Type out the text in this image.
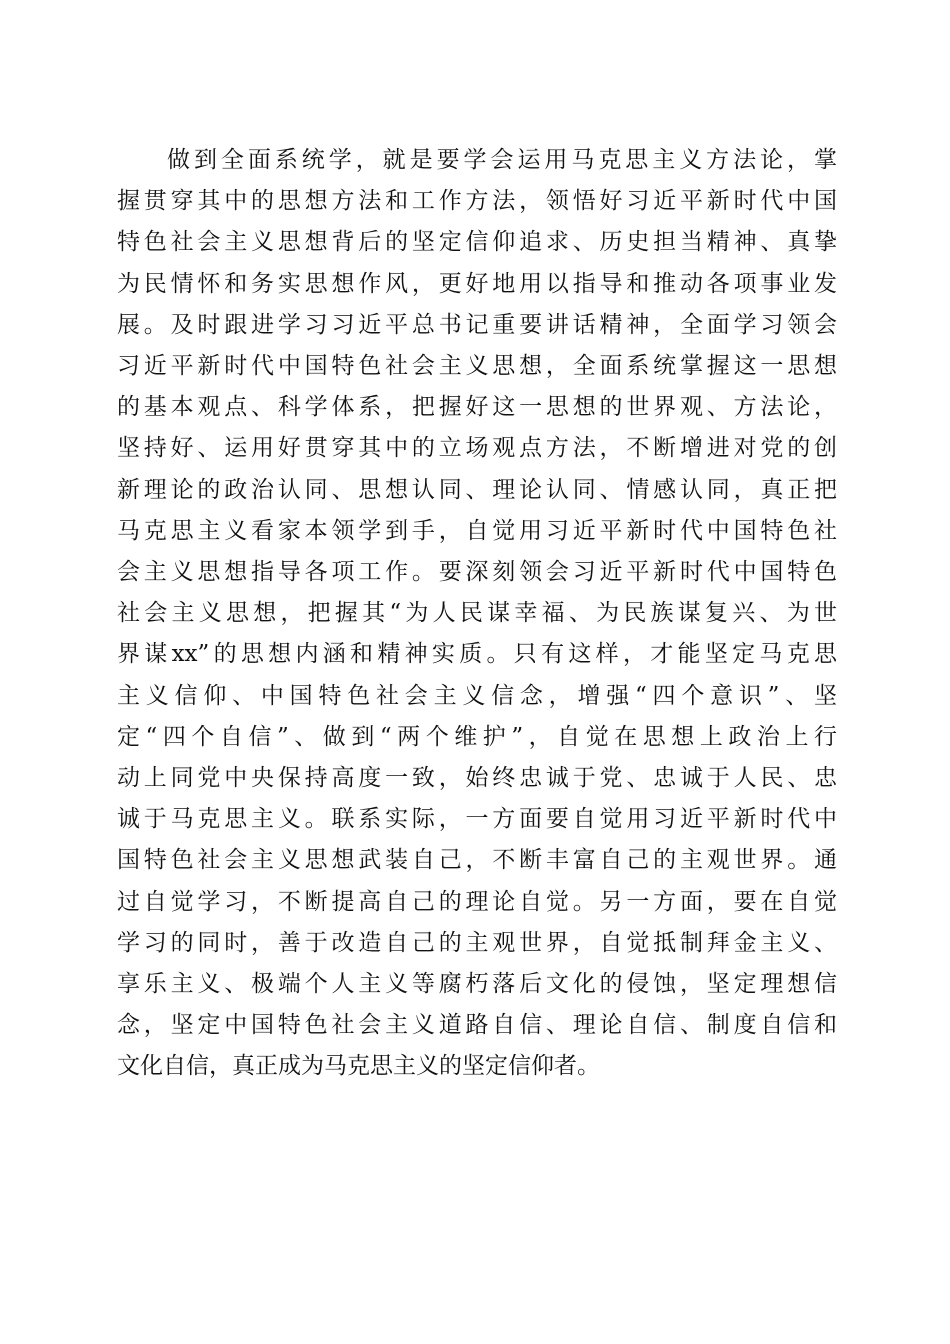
做到全面系统学，就是要学会运用马克思主义方法论，掌
握贯穿其中的思想方法和工作方法，领悟好习近平新时代中国
特色社会主义思想背后的坚定信仰追求、历史担当精神、真挚
为民情怀和务实思想作风，更好地用以指导和推动各项事业发
展。及时跟进学习习近平总书记重要讲话精神，全面学习领会
习近平新时代中国特色社会主义思想，全面系统掌握这一思想
的基本观点、科学体系，把握好这一思想的世界观、方法论，
坚持好、运用好贯穿其中的立场观点方法，不断增进对党的创
新理论的政治认同、思想认同、理论认同、情感认同，真正把
马克思主义看家本领学到手，自觉用习近平新时代中国特色社
会主义思想指导各项工作。要深刻领会习近平新时代中国特色
社会主义思想，把握其“为人民谋幸福、为民族谋复兴、为世
界谋xx”的思想内涵和精神实质。只有这样，才能坚定马克思
主义信仰、中国特色社会主义信念，增强“四个意识”、坚
定“四个自信”、做到“两个维护”，自觉在思想上政治上行
动上同党中央保持高度一致，始终忠诚于党、忠诚于人民、忠
诚于马克思主义。联系实际，一方面要自觉用习近平新时代中
国特色社会主义思想武装自己，不断丰富自己的主观世界。通
过自觉学习，不断提高自己的理论自觉。另一方面，要在自觉
学习的同时，善于改造自己的主观世界，自觉抵制拜金主义、
享乐主义、极端个人主义等腐朽落后文化的侵蚀，坚定理想信
念，坚定中国特色社会主义道路自信、理论自信、制度自信和
文化自信，真正成为马克思主义的坚定信仰者。
